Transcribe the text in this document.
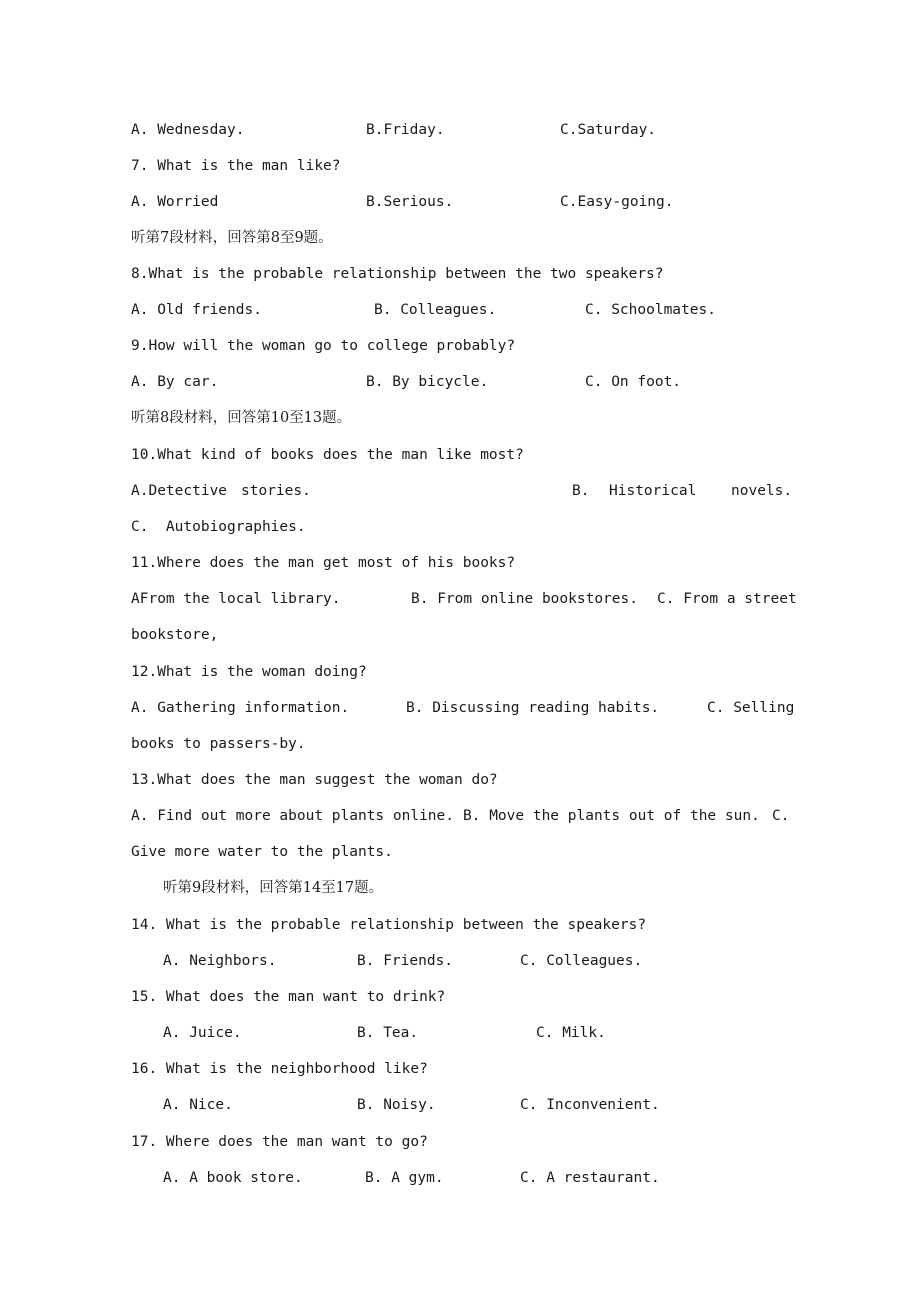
A. Wednesday.

	B.Friday.

	C.Saturday.

7. What is the man like?

A. Worried

	B.Serious.

	C.Easy-going.

听第7段材料，回答第8至9题。
8.What is the probable relationship between the two speakers?

A. Old friends.

	B. Colleagues.

	C. Schoolmates.

9.How will the woman go to college probably?

A. By car.

	B. By bicycle.

	C. On foot.

听第8段材料，回答第10至13题。
10.What kind of books does the man like most?

A.Detective

stories.

	B.

Historical

novels.

C.  Autobiographies.
11.Where does the man get most of his books?

AFrom the local library.

	B. From online bookstores.

C. From a street

bookstore,
12.What is the woman doing?

A. Gathering information.

	B. Discussing reading habits.

	C. Selling

books to passers-by.
13.What does the man suggest the woman do?

A. Find out more about plants online.

B. Move the plants out of the sun.

C.

Give more water to the plants.
听第9段材料，回答第14至17题。
14. What is the probable relationship between the speakers?

A. Neighbors.

	B. Friends.

	C. Colleagues.

15. What does the man want to drink?

A. Juice.

	B. Tea.

	C. Milk.

16. What is the neighborhood like?

A. Nice.

	B. Noisy.

	C. Inconvenient.

17. Where does the man want to go?

A. A book store.

	B. A gym.

	C. A restaurant.
